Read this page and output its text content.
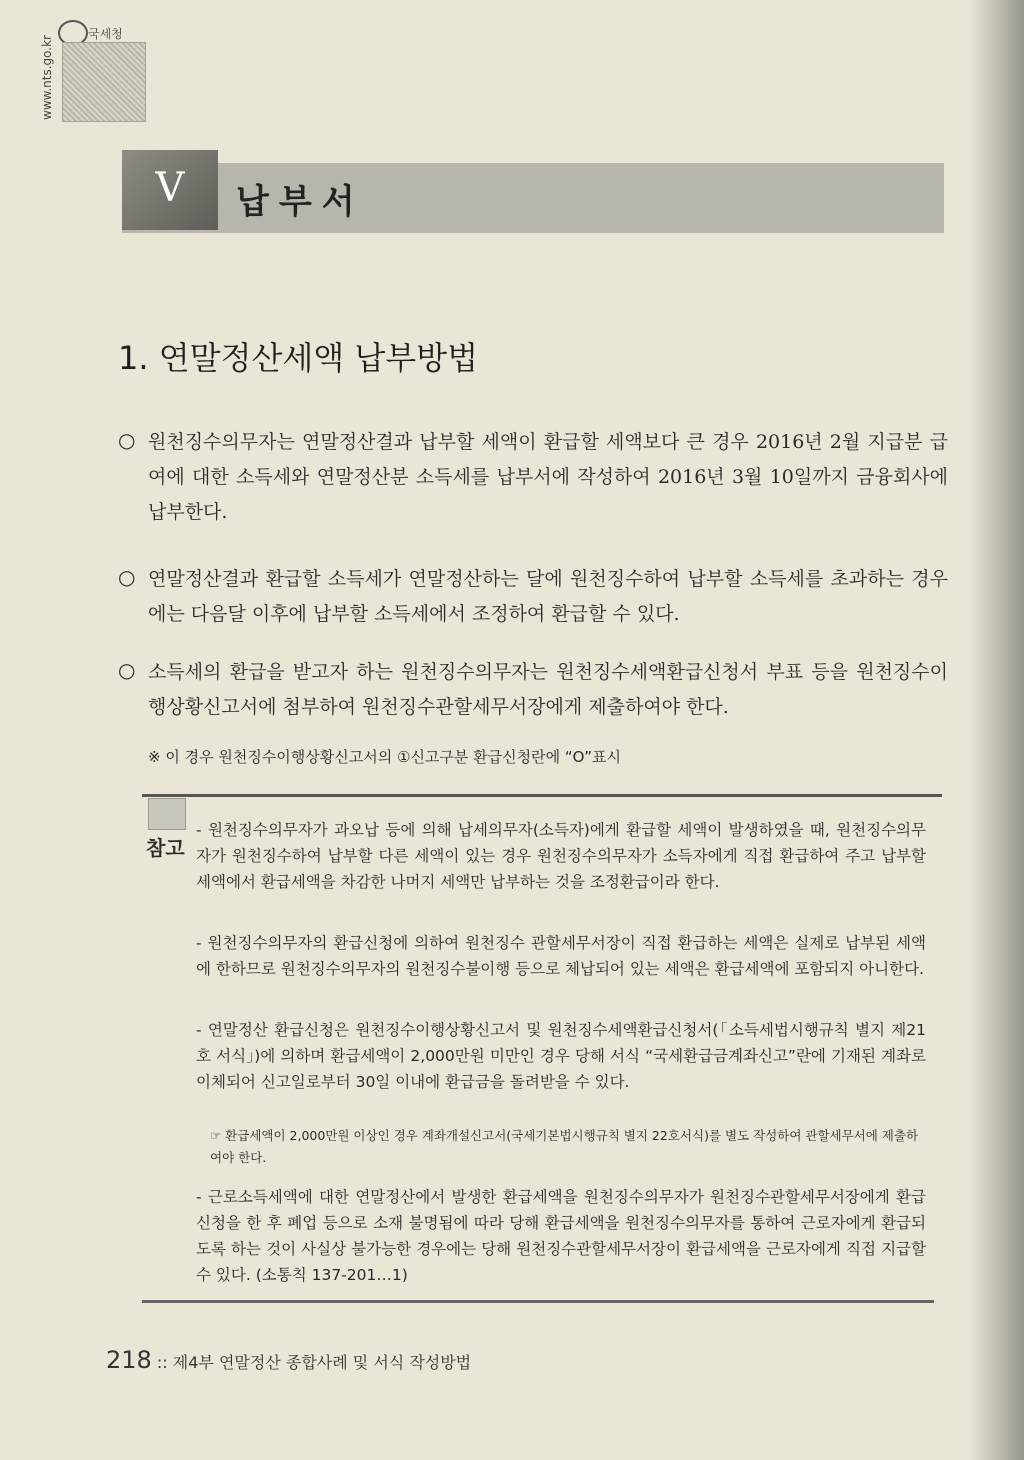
국세청
www.nts.go.kr
V	납부서
1. 연말정산세액 납부방법
○ 원천징수의무자는 연말정산결과 납부할 세액이 환급할 세액보다 큰 경우 2016년 2월 지급분 급여에 대한 소득세와 연말정산분 소득세를 납부서에 작성하여 2016년 3월 10일까지 금융회사에 납부한다.
○ 연말정산결과 환급할 소득세가 연말정산하는 달에 원천징수하여 납부할 소득세를 초과하는 경우에는 다음달 이후에 납부할 소득세에서 조정하여 환급할 수 있다.
○ 소득세의 환급을 받고자 하는 원천징수의무자는 원천징수세액환급신청서 부표 등을 원천징수이행상황신고서에 첨부하여 원천징수관할세무서장에게 제출하여야 한다.
※ 이 경우 원천징수이행상황신고서의 ①신고구분 환급신청란에 “O”표시
참고
- 원천징수의무자가 과오납 등에 의해 납세의무자(소득자)에게 환급할 세액이 발생하였을 때, 원천징수의무자가 원천징수하여 납부할 다른 세액이 있는 경우 원천징수의무자가 소득자에게 직접 환급하여 주고 납부할 세액에서 환급세액을 차감한 나머지 세액만 납부하는 것을 조정환급이라 한다.
- 원천징수의무자의 환급신청에 의하여 원천징수 관할세무서장이 직접 환급하는 세액은 실제로 납부된 세액에 한하므로 원천징수의무자의 원천징수불이행 등으로 체납되어 있는 세액은 환급세액에 포함되지 아니한다.
- 연말정산 환급신청은 원천징수이행상황신고서 및 원천징수세액환급신청서(「소득세법시행규칙 별지 제21호 서식」)에 의하며 환급세액이 2,000만원 미만인 경우 당해 서식 “국세환급금계좌신고”란에 기재된 계좌로 이체되어 신고일로부터 30일 이내에 환급금을 돌려받을 수 있다.
☞ 환급세액이 2,000만원 이상인 경우 계좌개설신고서(국세기본법시행규칙 별지 22호서식)를 별도 작성하여 관할세무서에 제출하여야 한다.
- 근로소득세액에 대한 연말정산에서 발생한 환급세액을 원천징수의무자가 원천징수관할세무서장에게 환급신청을 한 후 폐업 등으로 소재 불명됨에 따라 당해 환급세액을 원천징수의무자를 통하여 근로자에게 환급되도록 하는 것이 사실상 불가능한 경우에는 당해 원천징수관할세무서장이 환급세액을 근로자에게 직접 지급할 수 있다. (소통칙 137-201…1)
218 :: 제4부 연말정산 종합사례 및 서식 작성방법
